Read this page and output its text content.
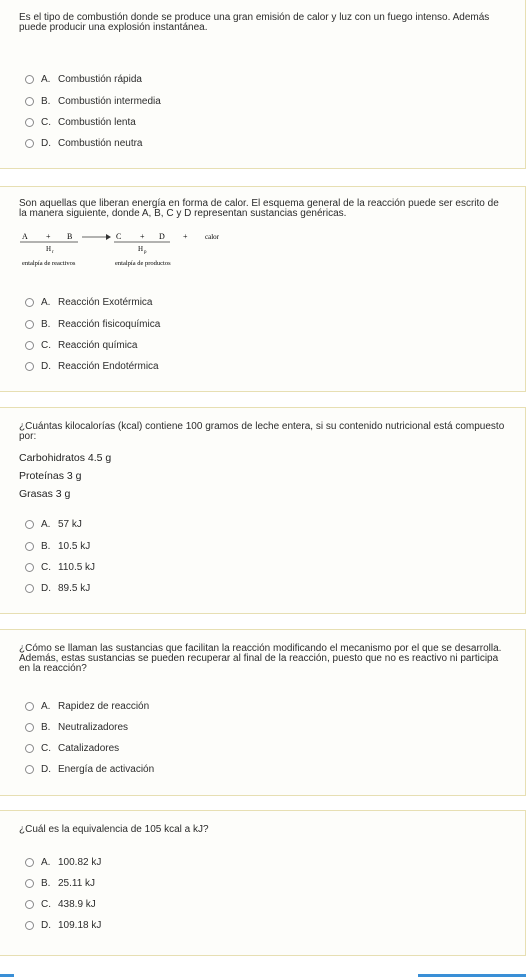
Es el tipo de combustión donde se produce una gran emisión de calor y luz con un fuego intenso. Además puede producir una explosión instantánea.

A. Combustión rápida
B. Combustión intermedia
C. Combustión lenta
D. Combustión neutra

Son aquellas que liberan energía en forma de calor. El esquema general de la reacción puede ser escrito de la manera siguiente, donde A, B, C y D representan sustancias genéricas.

A + B
H r
C + D
H p
+ calor
entalpía de reactivos	entalpía de productos
A. Reacción Exotérmica
B. Reacción fisicoquímica
C. Reacción química
D. Reacción Endotérmica

¿Cuántas kilocalorías (kcal) contiene 100 gramos de leche entera, si su contenido nutricional está compuesto por:

Carbohidratos 4.5 g

Proteínas 3 g

Grasas 3 g

A. 57 kJ
B. 10.5 kJ
C. 110.5 kJ
D. 89.5 kJ

¿Cómo se llaman las sustancias que facilitan la reacción modificando el mecanismo por el que se desarrolla. Además, estas sustancias se pueden recuperar al final de la reacción, puesto que no es reactivo ni participa en la reacción?

A. Rapidez de reacción
B. Neutralizadores
C. Catalizadores
D. Energía de activación

¿Cuál es la equivalencia de 105 kcal a kJ?

A. 100.82 kJ
B. 25.11 kJ
C. 438.9 kJ
D. 109.18 kJ
